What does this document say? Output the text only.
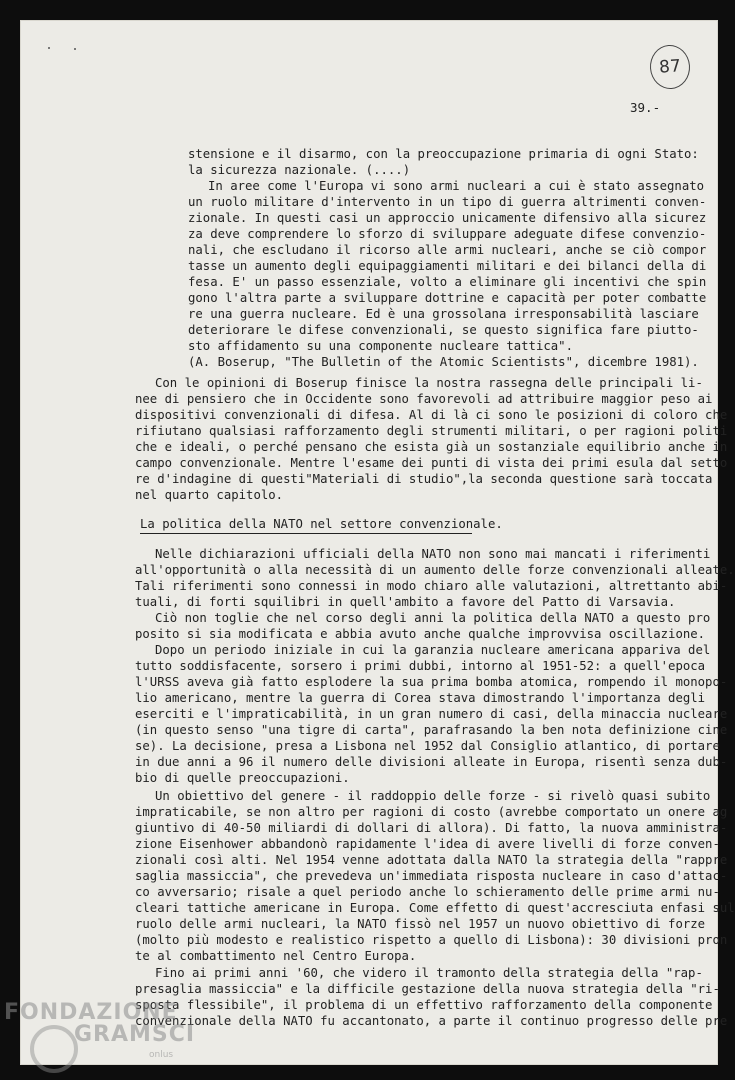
87
39.-
stensione e il disarmo, con la preoccupazione primaria di ogni Stato:
la sicurezza nazionale. (....)
In aree come l'Europa vi sono armi nucleari a cui è stato assegnato
un ruolo militare d'intervento in un tipo di guerra altrimenti conven-
zionale. In questi casi un approccio unicamente difensivo alla sicurez
za deve comprendere lo sforzo di sviluppare adeguate difese convenzio-
nali, che escludano il ricorso alle armi nucleari, anche se ciò compor
tasse un aumento degli equipaggiamenti militari e dei bilanci della di
fesa. E' un passo essenziale, volto a eliminare gli incentivi che spin
gono l'altra parte a sviluppare dottrine e capacità per poter combatte
re una guerra nucleare. Ed è una grossolana irresponsabilità lasciare
deteriorare le difese convenzionali, se questo significa fare piutto-
sto affidamento su una componente nucleare tattica".
(A. Boserup, "The Bulletin of the Atomic Scientists", dicembre 1981).
Con le opinioni di Boserup finisce la nostra rassegna delle principali li-
nee di pensiero che in Occidente sono favorevoli ad attribuire maggior peso ai
dispositivi convenzionali di difesa. Al di là ci sono le posizioni di coloro che
rifiutano qualsiasi rafforzamento degli strumenti militari, o per ragioni politi
che e ideali, o perché pensano che esista già un sostanziale equilibrio anche in
campo convenzionale. Mentre l'esame dei punti di vista dei primi esula dal setto
re d'indagine di questi"Materiali di studio",la seconda questione sarà toccata
nel quarto capitolo.
La politica della NATO nel settore convenzionale.
Nelle dichiarazioni ufficiali della NATO non sono mai mancati i riferimenti
all'opportunità o alla necessità di un aumento delle forze convenzionali alleate.
Tali riferimenti sono connessi in modo chiaro alle valutazioni, altrettanto abi-
tuali, di forti squilibri in quell'ambito a favore del Patto di Varsavia.
Ciò non toglie che nel corso degli anni la politica della NATO a questo pro
posito si sia modificata e abbia avuto anche qualche improvvisa oscillazione.
Dopo un periodo iniziale in cui la garanzia nucleare americana appariva del
tutto soddisfacente, sorsero i primi dubbi, intorno al 1951-52: a quell'epoca
l'URSS aveva già fatto esplodere la sua prima bomba atomica, rompendo il monopo-
lio americano, mentre la guerra di Corea stava dimostrando l'importanza degli
eserciti e l'impraticabilità, in un gran numero di casi, della minaccia nucleare
(in questo senso "una tigre di carta", parafrasando la ben nota definizione cine
se). La decisione, presa a Lisbona nel 1952 dal Consiglio atlantico, di portare
in due anni a 96 il numero delle divisioni alleate in Europa, risentì senza dub-
bio di quelle preoccupazioni.
Un obiettivo del genere - il raddoppio delle forze - si rivelò quasi subito
impraticabile, se non altro per ragioni di costo (avrebbe comportato un onere ag
giuntivo di 40-50 miliardi di dollari di allora). Di fatto, la nuova amministra-
zione Eisenhower abbandonò rapidamente l'idea di avere livelli di forze conven-
zionali così alti. Nel 1954 venne adottata dalla NATO la strategia della "rappre
saglia massiccia", che prevedeva un'immediata risposta nucleare in caso d'attac-
co avversario; risale a quel periodo anche lo schieramento delle prime armi nu-
cleari tattiche americane in Europa. Come effetto di quest'accresciuta enfasi sul
ruolo delle armi nucleari, la NATO fissò nel 1957 un nuovo obiettivo di forze
(molto più modesto e realistico rispetto a quello di Lisbona): 30 divisioni pron
te al combattimento nel Centro Europa.
Fino ai primi anni '60, che videro il tramonto della strategia della "rap-
presaglia massiccia" e la difficile gestazione della nuova strategia della "ri-
sposta flessibile", il problema di un effettivo rafforzamento della componente
convenzionale della NATO fu accantonato, a parte il continuo progresso delle pre
FONDAZIONE
GRAMSCI
onlus
